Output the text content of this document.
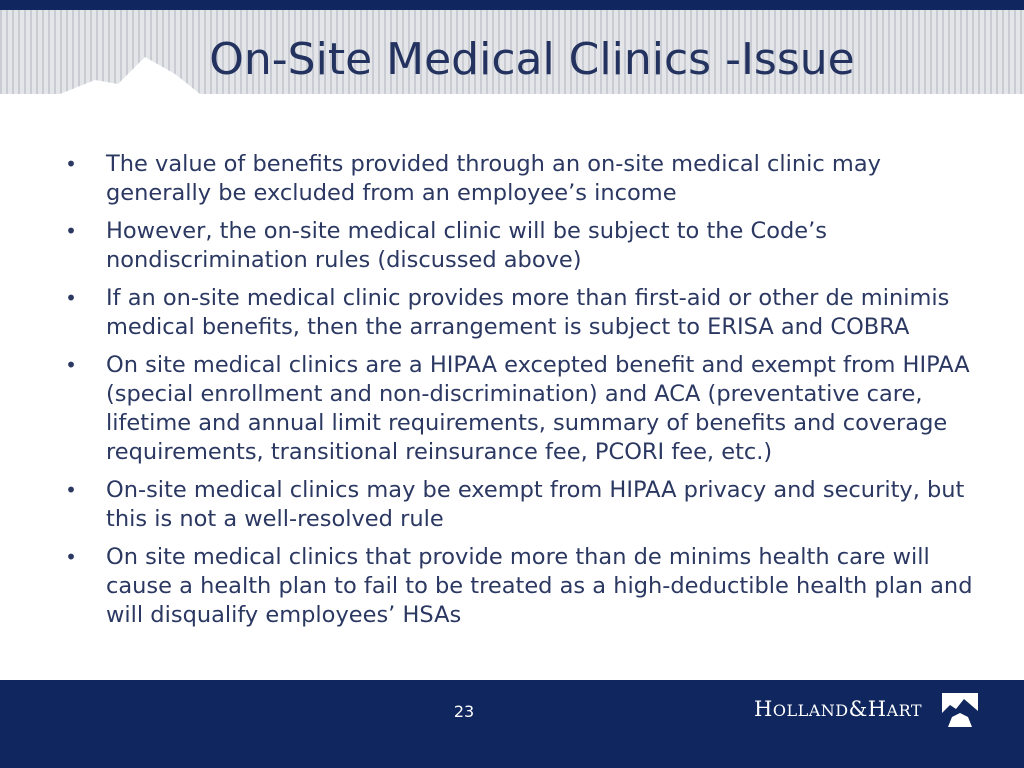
On-Site Medical Clinics -Issue
• The value of benefits provided through an on-site medical clinic may generally be excluded from an employee’s income
• However, the on-site medical clinic will be subject to the Code’s nondiscrimination rules (discussed above)
• If an on-site medical clinic provides more than first-aid or other de minimis medical benefits, then the arrangement is subject to ERISA and COBRA
• On site medical clinics are a HIPAA excepted benefit and exempt from HIPAA (special enrollment and non-discrimination) and ACA (preventative care, lifetime and annual limit requirements, summary of benefits and coverage requirements, transitional reinsurance fee, PCORI fee, etc.)
• On-site medical clinics may be exempt from HIPAA privacy and security, but this is not a well-resolved rule
• On site medical clinics that provide more than de minims health care will cause a health plan to fail to be treated as a high-deductible health plan and will disqualify employees’ HSAs
23	HOLLAND&HART
